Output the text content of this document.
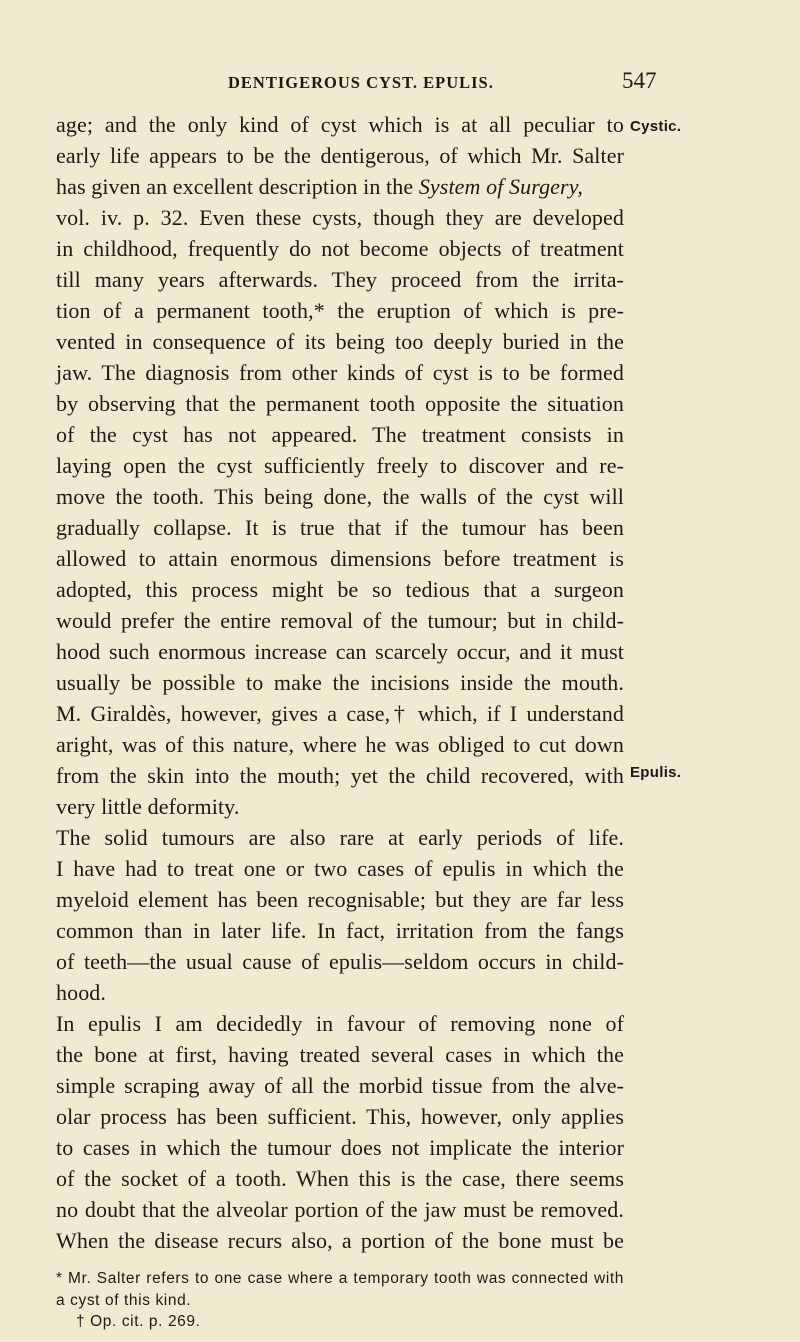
DENTIGEROUS CYST. EPULIS.	547
Cystic.
Epulis.
age; and the only kind of cyst which is at all peculiar to
early life appears to be the dentigerous, of which Mr. Salter
has given an excellent description in the System of Surgery,
vol. iv. p. 32. Even these cysts, though they are developed
in childhood, frequently do not become objects of treatment
till many years afterwards. They proceed from the irrita-
tion of a permanent tooth,* the eruption of which is pre-
vented in consequence of its being too deeply buried in the
jaw. The diagnosis from other kinds of cyst is to be formed
by observing that the permanent tooth opposite the situation
of the cyst has not appeared. The treatment consists in
laying open the cyst sufficiently freely to discover and re-
move the tooth. This being done, the walls of the cyst will
gradually collapse. It is true that if the tumour has been
allowed to attain enormous dimensions before treatment is
adopted, this process might be so tedious that a surgeon
would prefer the entire removal of the tumour; but in child-
hood such enormous increase can scarcely occur, and it must
usually be possible to make the incisions inside the mouth.
M. Giraldès, however, gives a case,† which, if I understand
aright, was of this nature, where he was obliged to cut down
from the skin into the mouth; yet the child recovered, with
very little deformity.
The solid tumours are also rare at early periods of life.
I have had to treat one or two cases of epulis in which the
myeloid element has been recognisable; but they are far less
common than in later life. In fact, irritation from the fangs
of teeth—the usual cause of epulis—seldom occurs in child-
hood.
In epulis I am decidedly in favour of removing none of
the bone at first, having treated several cases in which the
simple scraping away of all the morbid tissue from the alve-
olar process has been sufficient. This, however, only applies
to cases in which the tumour does not implicate the interior
of the socket of a tooth. When this is the case, there seems
no doubt that the alveolar portion of the jaw must be removed.
When the disease recurs also, a portion of the bone must be
* Mr. Salter refers to one case where a temporary tooth was connected with
a cyst of this kind.
† Op. cit. p. 269.
